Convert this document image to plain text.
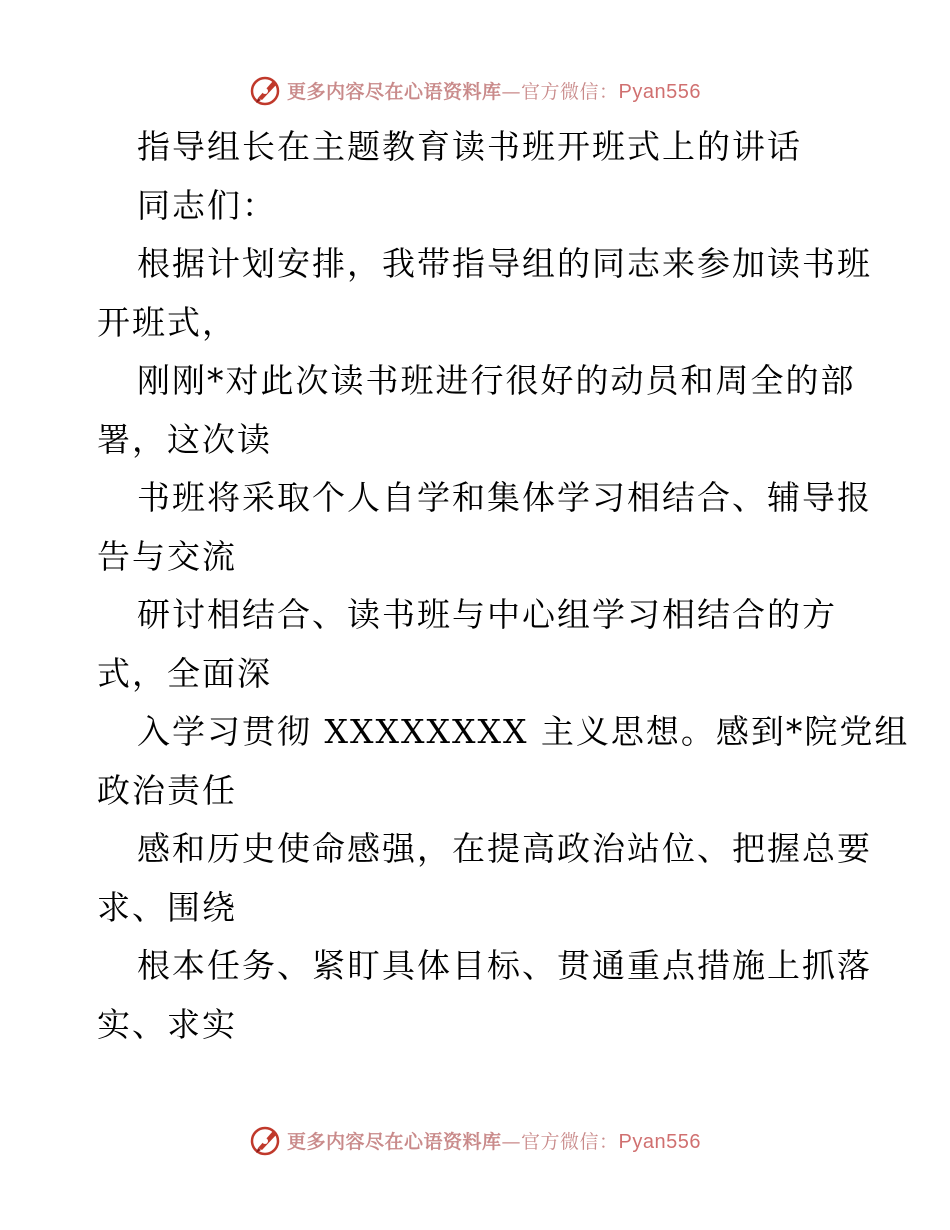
更多内容尽在心语资料库—官方微信：Pyan556
指导组长在主题教育读书班开班式上的讲话
同志们：
根据计划安排，我带指导组的同志来参加读书班
开班式，
刚刚*对此次读书班进行很好的动员和周全的部
署，这次读
书班将采取个人自学和集体学习相结合、辅导报
告与交流
研讨相结合、读书班与中心组学习相结合的方
式，全面深
入学习贯彻 XXXXXXXX 主义思想。感到*院党组
政治责任
感和历史使命感强，在提高政治站位、把握总要
求、围绕
根本任务、紧盯具体目标、贯通重点措施上抓落
实、求实
更多内容尽在心语资料库—官方微信：Pyan556
